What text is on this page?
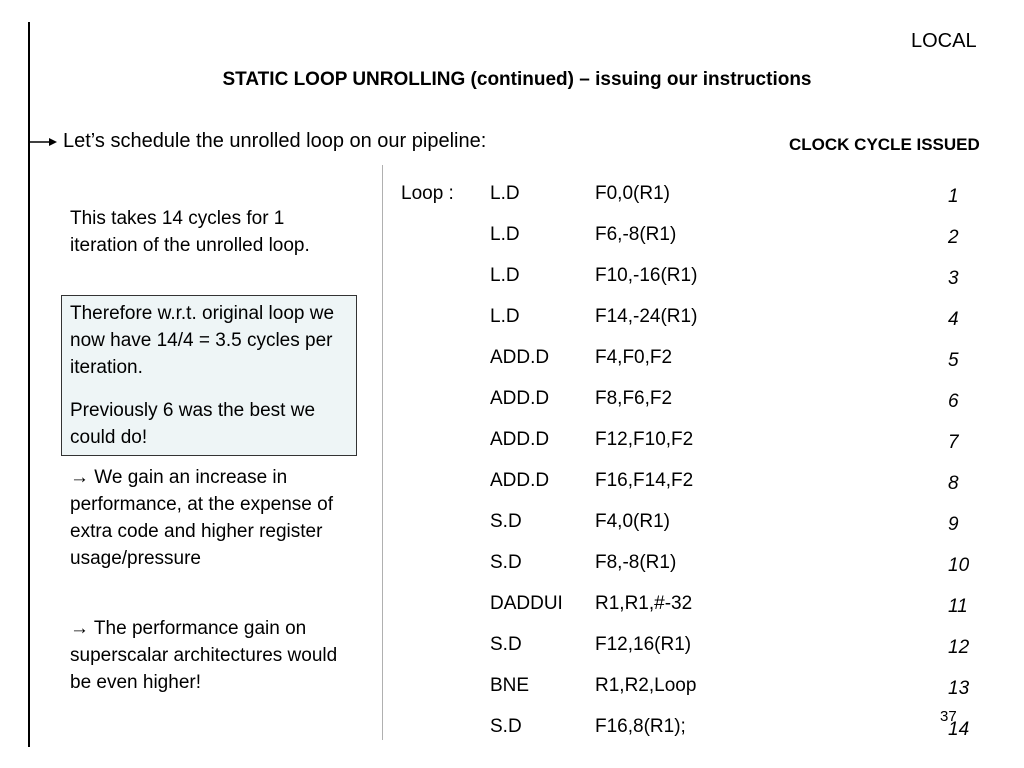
LOCAL
STATIC LOOP UNROLLING (continued) – issuing our instructions
Let’s schedule the unrolled loop on our pipeline:	CLOCK CYCLE ISSUED
This takes 14 cycles for 1 iteration of the unrolled loop.
Therefore w.r.t. original loop we now have 14/4 = 3.5 cycles per iteration.
Previously 6 was the best we could do!
→ We gain an increase in performance, at the expense of extra code and higher register usage/pressure
→ The performance gain on superscalar architectures would be even higher!
Loop : L.D	F0,0(R1)	1
L.D	F6,-8(R1)	2
L.D	F10,-16(R1)	3
L.D	F14,-24(R1)	4
ADD.D F4,F0,F2	5
ADD.D F8,F6,F2	6
ADD.D F12,F10,F2	7
ADD.D F16,F14,F2	8
S.D	F4,0(R1)	9
S.D	F8,-8(R1)	10
DADDUI R1,R1,#-32	11
S.D	F12,16(R1)	12
BNE	R1,R2,Loop	13
S.D	F16,8(R1);	14
37
